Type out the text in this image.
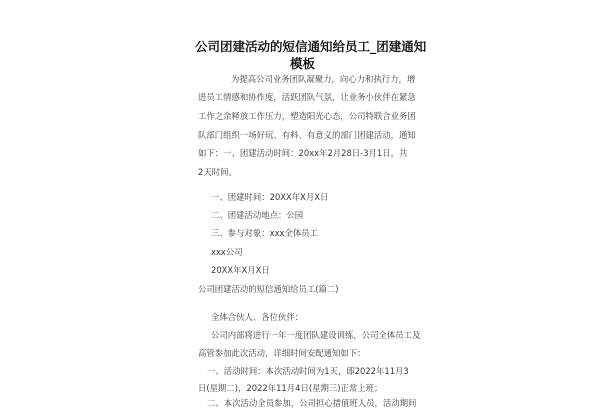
公司团建活动的短信通知给员工_团建通知
模板
为提高公司业务团队凝聚力，向心力和执行力，增
进员工情感和协作度，活跃团队气氛，让业务小伙伴在紧急
工作之余释放工作压力，塑造阳光心态，公司特联合业务团
队部门组织一场好玩、有料、有意义的部门团建活动，通知
如下：一、团建活动时间：20xx年2月28日-3月1日，共
2天时间。
一、团建时间：20XX年X月X日
二、团建活动地点：公园
三、参与对象：xxx全体员工
xxx公司
20XX年X月X日
公司团建活动的短信通知给员工(篇二)
全体合伙人、各位伙伴：
公司内部将进行一年一度团队建设训练，公司全体员工及
高管参加此次活动，详细时间安配通知如下：
一、活动时间：本次活动时间为1天，即2022年11月3
日(星期二)，2022年11月4日(星期三)正常上班；
二、本次活动全员参加，公司担心措值班人员，活动期间
